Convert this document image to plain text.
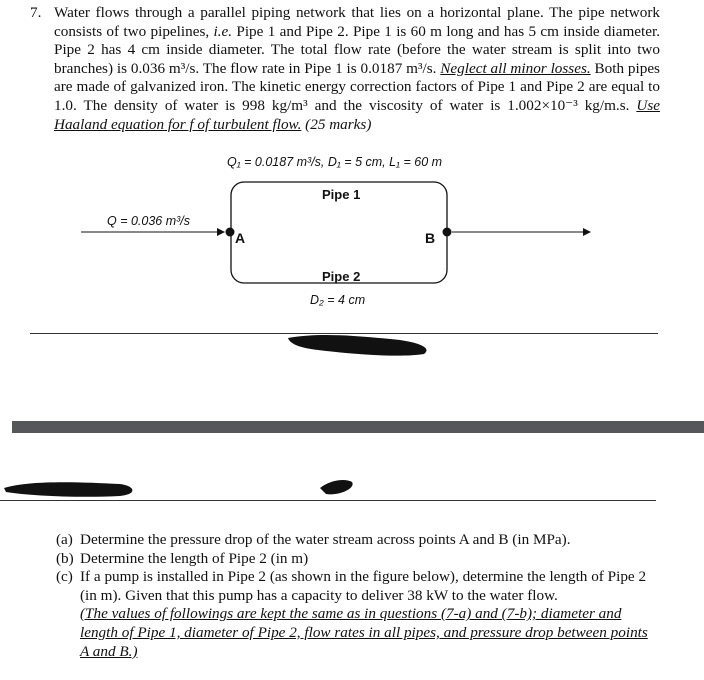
7. Water flows through a parallel piping network that lies on a horizontal plane. The pipe network consists of two pipelines, i.e. Pipe 1 and Pipe 2. Pipe 1 is 60 m long and has 5 cm inside diameter. Pipe 2 has 4 cm inside diameter. The total flow rate (before the water stream is split into two branches) is 0.036 m³/s. The flow rate in Pipe 1 is 0.0187 m³/s. Neglect all minor losses. Both pipes are made of galvanized iron. The kinetic energy correction factors of Pipe 1 and Pipe 2 are equal to 1.0. The density of water is 998 kg/m³ and the viscosity of water is 1.002×10⁻³ kg/m.s. Use Haaland equation for f of turbulent flow. (25 marks)
Q₁ = 0.0187 m³/s, D₁ = 5 cm, L₁ = 60 m
Pipe 1
Q = 0.036 m³/s
A	B
Pipe 2
D₂ = 4 cm
(a) Determine the pressure drop of the water stream across points A and B (in MPa).
(b) Determine the length of Pipe 2 (in m)
(c) If a pump is installed in Pipe 2 (as shown in the figure below), determine the length of Pipe 2 (in m). Given that this pump has a capacity to deliver 38 kW to the water flow.
(The values of followings are kept the same as in questions (7-a) and (7-b); diameter and length of Pipe 1, diameter of Pipe 2, flow rates in all pipes, and pressure drop between points A and B.)
